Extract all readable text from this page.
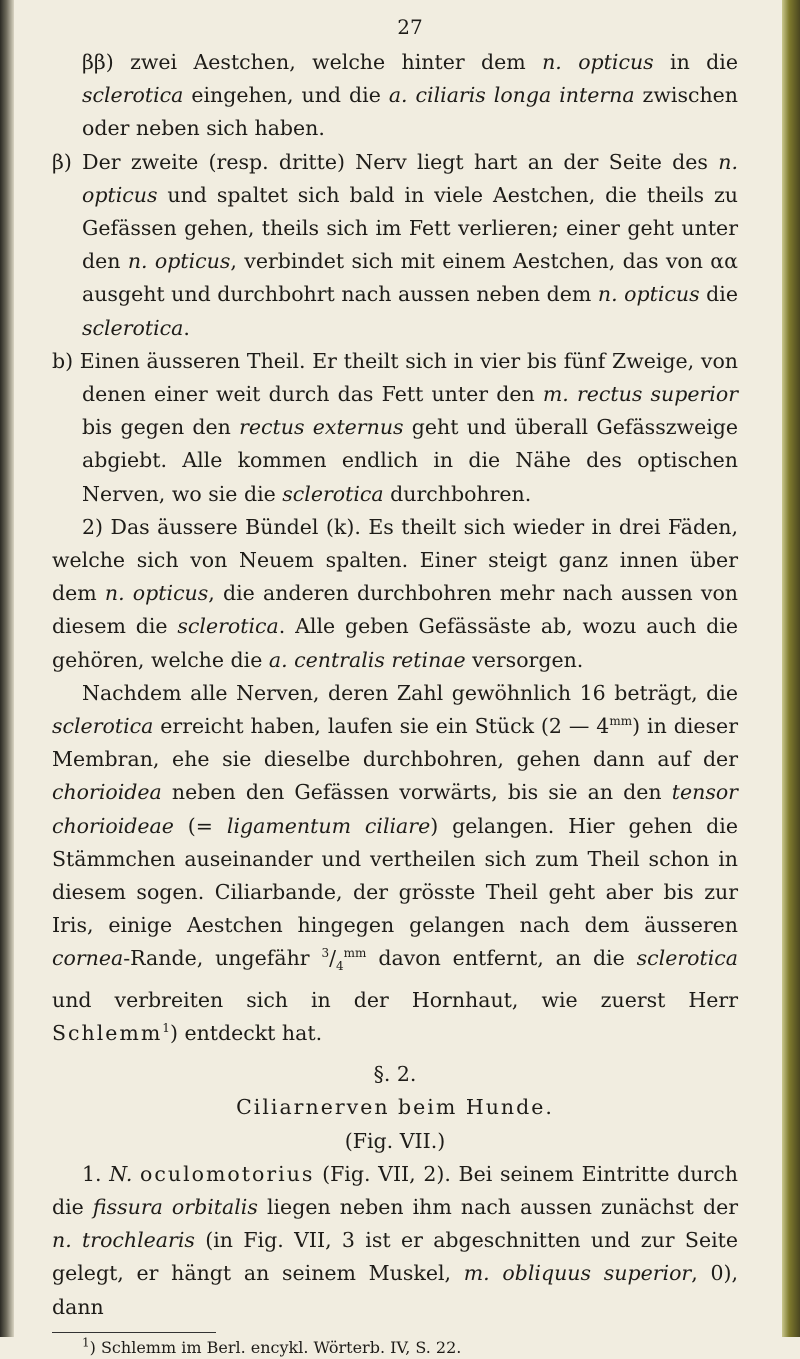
27

ββ) zwei Aestchen, welche hinter dem n. opticus in die sclerotica eingehen, und die a. ciliaris longa interna zwischen oder neben sich haben.

β) Der zweite (resp. dritte) Nerv liegt hart an der Seite des n. opticus und spaltet sich bald in viele Aestchen, die theils zu Gefässen gehen, theils sich im Fett verlieren; einer geht unter den n. opticus, verbindet sich mit einem Aestchen, das von αα ausgeht und durchbohrt nach aussen neben dem n. opticus die sclerotica.

b) Einen äusseren Theil. Er theilt sich in vier bis fünf Zweige, von denen einer weit durch das Fett unter den m. rectus superior bis gegen den rectus externus geht und überall Gefässzweige abgiebt. Alle kommen endlich in die Nähe des optischen Nerven, wo sie die sclerotica durchbohren.

2) Das äussere Bündel (k). Es theilt sich wieder in drei Fäden, welche sich von Neuem spalten. Einer steigt ganz innen über dem n. opticus, die anderen durchbohren mehr nach aussen von diesem die sclerotica. Alle geben Gefässäste ab, wozu auch die gehören, welche die a. centralis retinae versorgen.

Nachdem alle Nerven, deren Zahl gewöhnlich 16 beträgt, die sclerotica erreicht haben, laufen sie ein Stück (2 — $4^{mm}$) in dieser Membran, ehe sie dieselbe durchbohren, gehen dann auf der chorioidea neben den Gefässen vorwärts, bis sie an den tensor chorioideae (= ligamentum ciliare) gelangen. Hier gehen die Stämmchen auseinander und vertheilen sich zum Theil schon in diesem sogen. Ciliarbande, der grösste Theil geht aber bis zur Iris, einige Aestchen hingegen gelangen nach dem äusseren cornea-Rande, ungefähr $^3/_4^{mm}$ davon entfernt, an die sclerotica und verbreiten sich in der Hornhaut, wie zuerst Herr Schlemm$^1$) entdeckt hat.

§. 2.

Ciliarnerven beim Hunde.

(Fig. VII.)

1. N. oculomotorius (Fig. VII, 2). Bei seinem Eintritte durch die fissura orbitalis liegen neben ihm nach aussen zunächst der n. trochlearis (in Fig. VII, 3 ist er abgeschnitten und zur Seite gelegt, er hängt an seinem Muskel, m. obliquus superior, 0), dann

$^1$) Schlemm im Berl. encykl. Wörterb. IV, S. 22.
